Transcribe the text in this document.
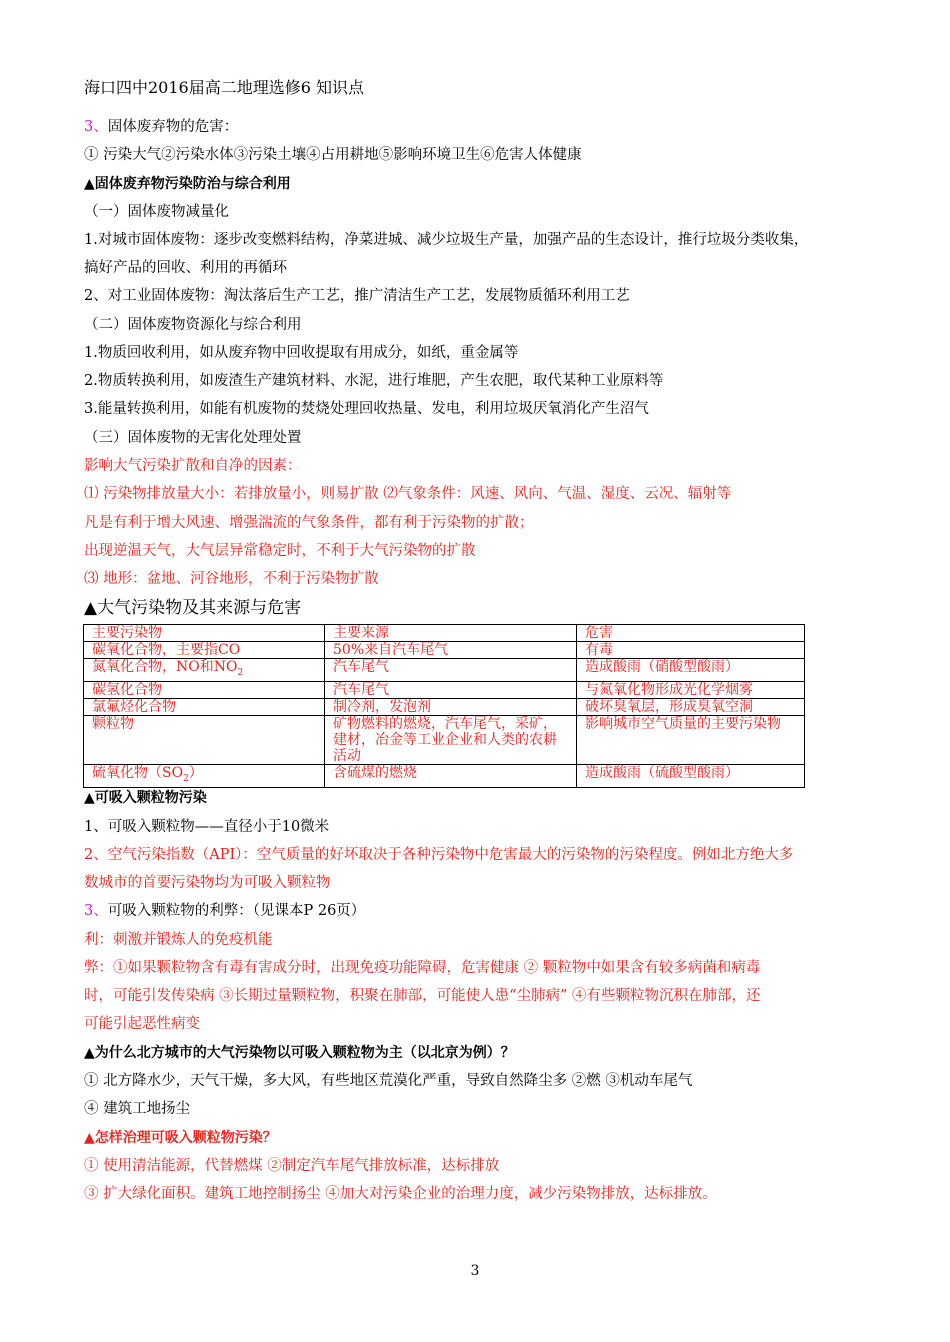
海口四中2016届高二地理选修6 知识点
3、固体废弃物的危害：
① 污染大气②污染水体③污染土壤④占用耕地⑤影响环境卫生⑥危害人体健康
▲固体废弃物污染防治与综合利用
（一）固体废物减量化
1.对城市固体废物：逐步改变燃料结构，净菜进城、减少垃圾生产量，加强产品的生态设计，推行垃圾分类收集，
搞好产品的回收、利用的再循环
2、对工业固体废物：淘汰落后生产工艺，推广清洁生产工艺，发展物质循环利用工艺
（二）固体废物资源化与综合利用
1.物质回收利用，如从废弃物中回收提取有用成分，如纸，重金属等
2.物质转换利用，如废渣生产建筑材料、水泥，进行堆肥，产生农肥，取代某种工业原料等
3.能量转换利用，如能有机废物的焚烧处理回收热量、发电，利用垃圾厌氧消化产生沼气
（三）固体废物的无害化处理处置
影响大气污染扩散和自净的因素：
⑴ 污染物排放量大小：若排放量小，则易扩散 ⑵气象条件：风速、风向、气温、湿度、云况、辐射等
凡是有利于增大风速、增强湍流的气象条件，都有利于污染物的扩散；
出现逆温天气，大气层异常稳定时，不利于大气污染物的扩散
⑶ 地形：盆地、河谷地形，不利于污染物扩散
▲大气污染物及其来源与危害
主要污染物	主要来源	危害
碳氧化合物，主要指CO	50%来自汽车尾气	有毒
氮氧化合物，NO和$NO_2$	汽车尾气	造成酸雨（硝酸型酸雨）
碳氢化合物	汽车尾气	与氮氧化物形成光化学烟雾
氯氟烃化合物	制冷剂，发泡剂	破坏臭氧层，形成臭氧空洞
颗粒物	矿物燃料的燃烧，汽车尾气，采矿，建材，冶金等工业企业和人类的农耕活动	影响城市空气质量的主要污染物
硫氧化物$(SO_2)$	含硫煤的燃烧	造成酸雨（硫酸型酸雨）
▲可吸入颗粒物污染
1、可吸入颗粒物——直径小于10微米
2、空气污染指数（API）：空气质量的好坏取决于各种污染物中危害最大的污染物的污染程度。例如北方绝大多
数城市的首要污染物均为可吸入颗粒物
3、可吸入颗粒物的利弊：（见课本P 26页）
利：刺激并锻炼人的免疫机能
弊：①如果颗粒物含有毒有害成分时，出现免疫功能障碍，危害健康 ② 颗粒物中如果含有较多病菌和病毒
时，可能引发传染病 ③长期过量颗粒物，积聚在肺部，可能使人患“尘肺病” ④有些颗粒物沉积在肺部，还
可能引起恶性病变
▲为什么北方城市的大气污染物以可吸入颗粒物为主（以北京为例）？
① 北方降水少，天气干燥，多大风，有些地区荒漠化严重，导致自然降尘多 ②燃 ③机动车尾气
④ 建筑工地扬尘
▲怎样治理可吸入颗粒物污染？
① 使用清洁能源，代替燃煤 ②制定汽车尾气排放标准，达标排放
③ 扩大绿化面积。建筑工地控制扬尘 ④加大对污染企业的治理力度，减少污染物排放，达标排放。
3
